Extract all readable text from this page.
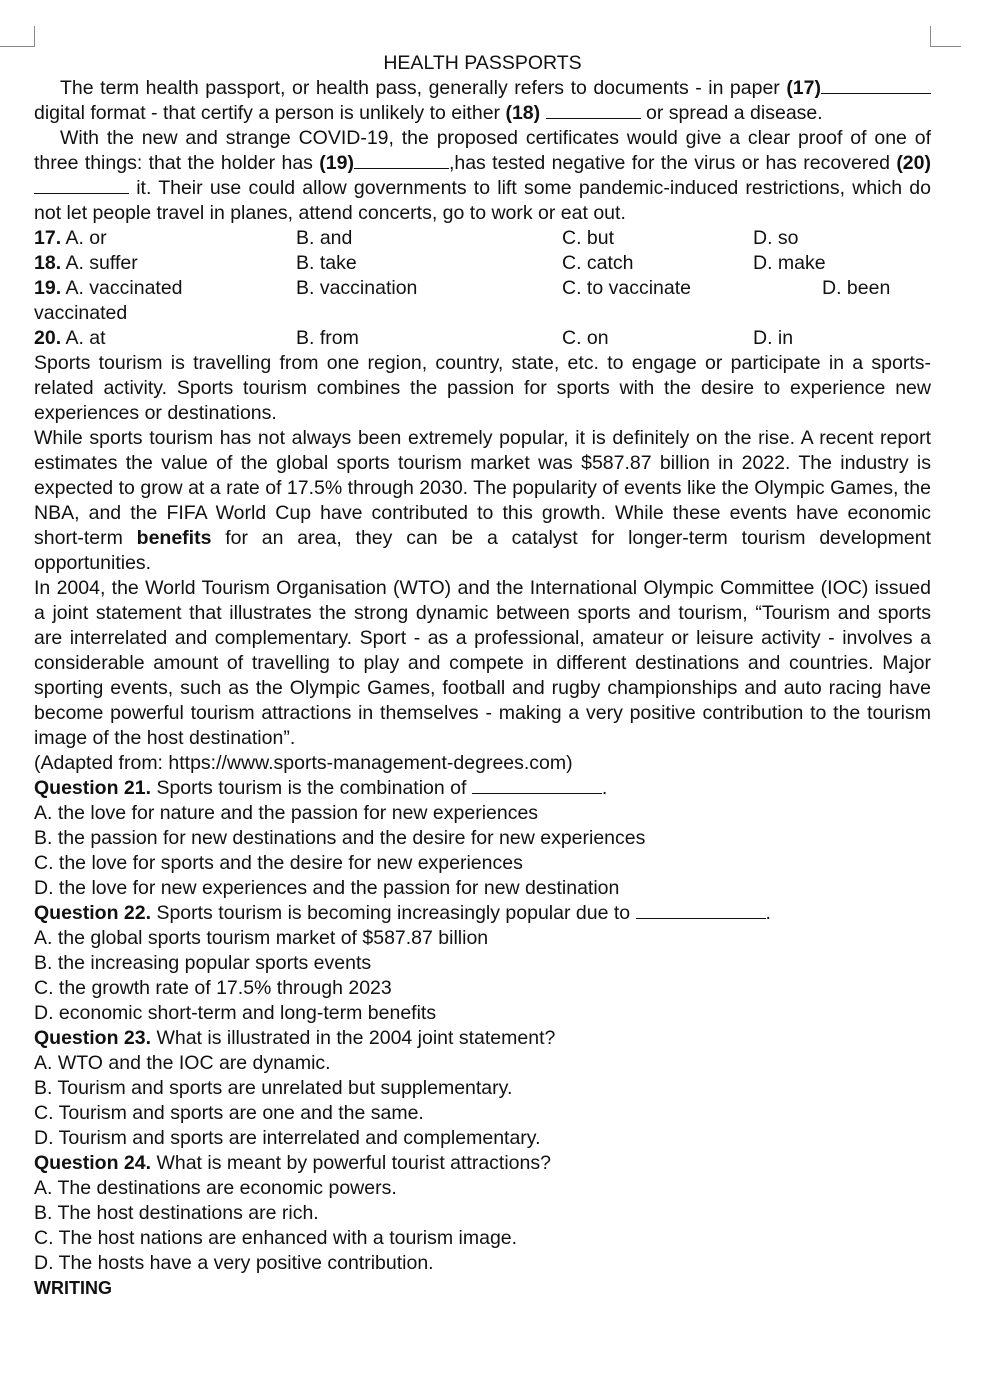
HEALTH PASSPORTS

The term health passport, or health pass, generally refers to documents - in paper (17) digital format - that certify a person is unlikely to either (18)	or spread a disease.

With the new and strange COVID-19, the proposed certificates would give a clear proof of one of three things: that the holder has (19)	,has tested negative for the virus or has recovered (20) it. Their use could allow governments to lift some pandemic-induced restrictions, which do not let people travel in planes, attend concerts, go to work or eat out.

17. A. or	B. and	C. but	D. so
18. A. suffer	B. take	C. catch	D. make
19. A. vaccinated	B. vaccination	C. to vaccinate	D. been
vaccinated
20. A. at	B. from	C. on	D. in

Sports tourism is travelling from one region, country, state, etc. to engage or participate in a sports-related activity. Sports tourism combines the passion for sports with the desire to experience new experiences or destinations.

While sports tourism has not always been extremely popular, it is definitely on the rise. A recent report estimates the value of the global sports tourism market was $587.87 billion in 2022. The industry is expected to grow at a rate of 17.5% through 2030. The popularity of events like the Olympic Games, the NBA, and the FIFA World Cup have contributed to this growth. While these events have economic short-term benefits for an area, they can be a catalyst for longer-term tourism development opportunities.

In 2004, the World Tourism Organisation (WTO) and the International Olympic Committee (IOC) issued a joint statement that illustrates the strong dynamic between sports and tourism, “Tourism and sports are interrelated and complementary. Sport - as a professional, amateur or leisure activity - involves a considerable amount of travelling to play and compete in different destinations and countries. Major sporting events, such as the Olympic Games, football and rugby championships and auto racing have become powerful tourism attractions in themselves - making a very positive contribution to the tourism image of the host destination”.

(Adapted from: https://www.sports-management-degrees.com)
Question 21. Sports tourism is the combination of	.
A. the love for nature and the passion for new experiences
B. the passion for new destinations and the desire for new experiences
C. the love for sports and the desire for new experiences
D. the love for new experiences and the passion for new destination
Question 22. Sports tourism is becoming increasingly popular due to	.
A. the global sports tourism market of $587.87 billion
B. the increasing popular sports events
C. the growth rate of 17.5% through 2023
D. economic short-term and long-term benefits
Question 23. What is illustrated in the 2004 joint statement?
A. WTO and the IOC are dynamic.
B. Tourism and sports are unrelated but supplementary.
C. Tourism and sports are one and the same.
D. Tourism and sports are interrelated and complementary.
Question 24. What is meant by powerful tourist attractions?
A. The destinations are economic powers.
B. The host destinations are rich.
C. The host nations are enhanced with a tourism image.
D. The hosts have a very positive contribution.
WRITING
